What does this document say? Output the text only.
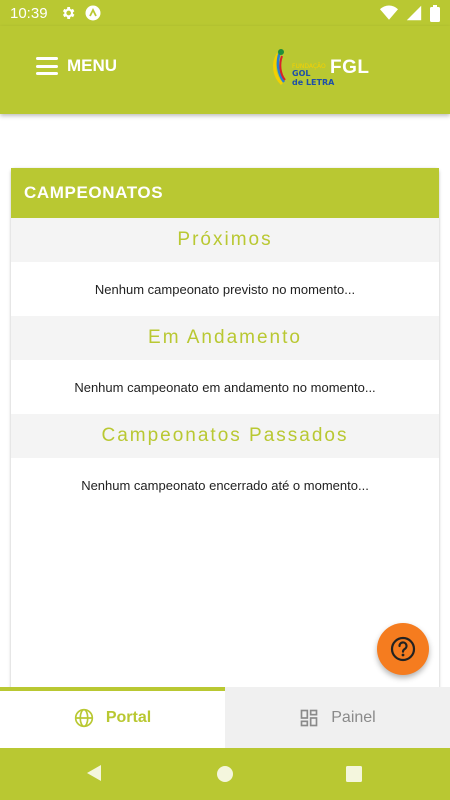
10:39
MENU	FUNDAÇÃO
GOL
de LETRA
FGL
CAMPEONATOS
Próximos
Nenhum campeonato previsto no momento...
Em Andamento
Nenhum campeonato em andamento no momento...
Campeonatos Passados
Nenhum campeonato encerrado até o momento...
Portal	Painel
